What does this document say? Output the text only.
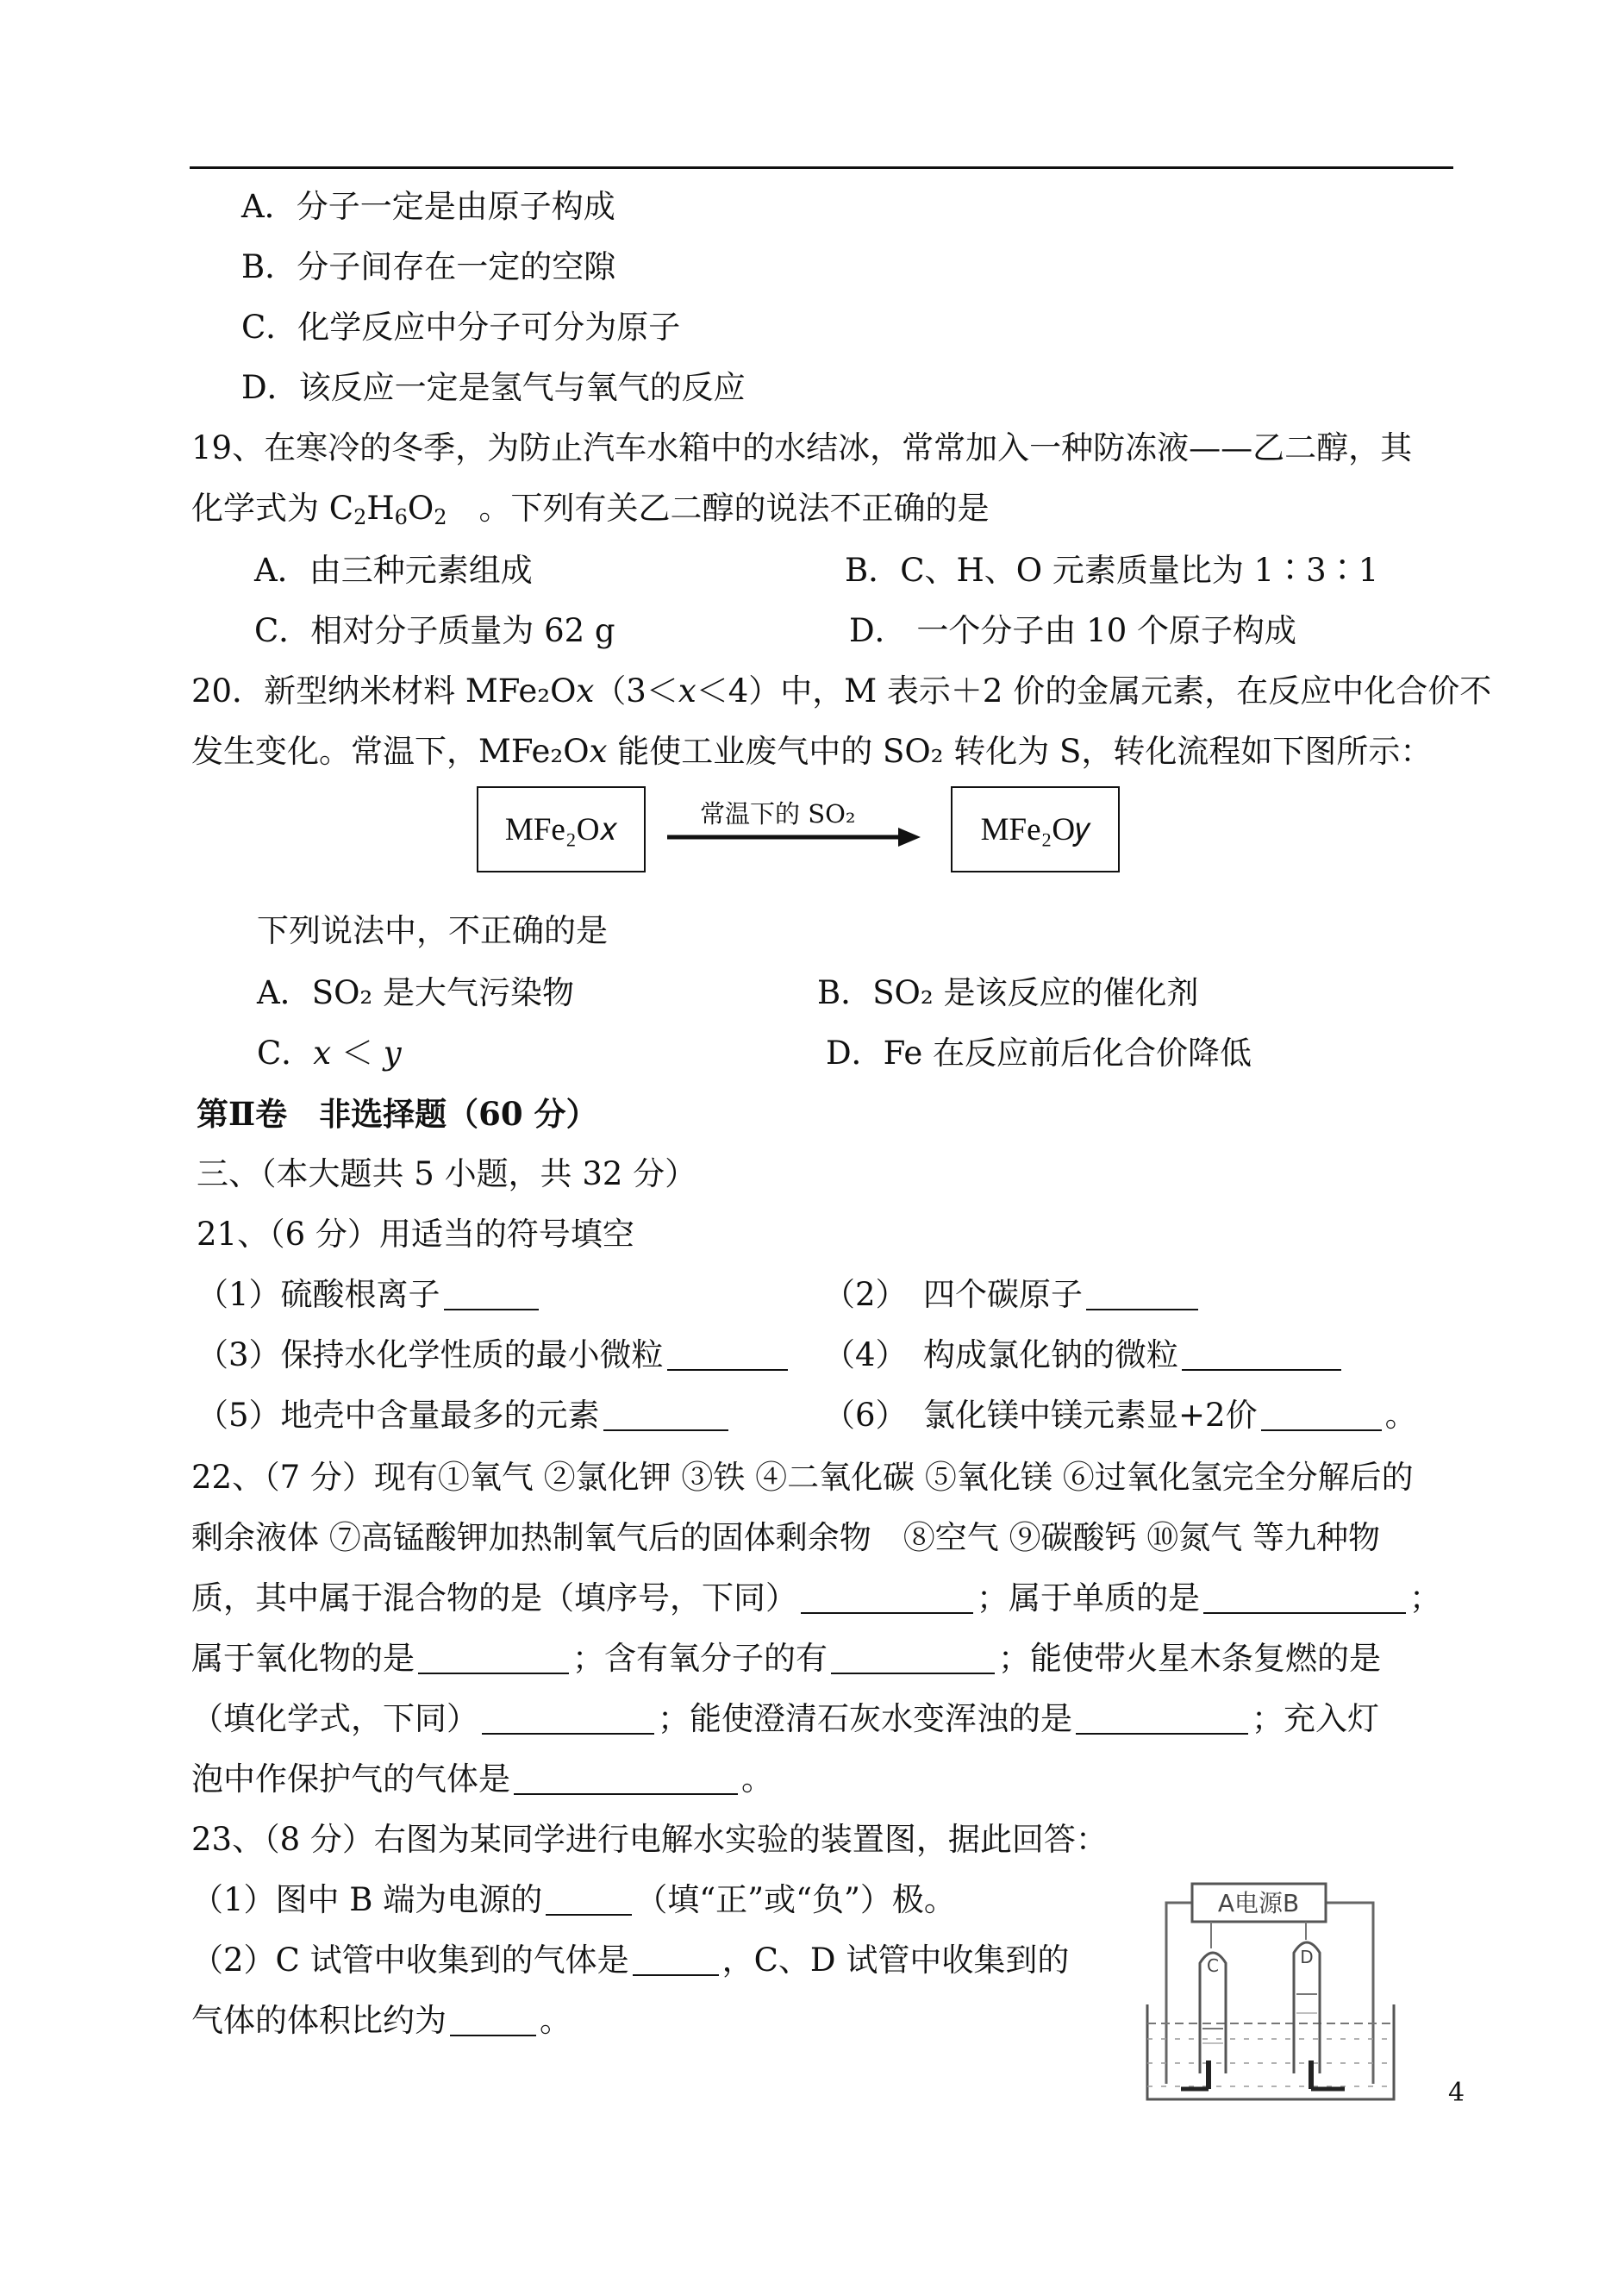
A．分子一定是由原子构成
B．分子间存在一定的空隙
C．化学反应中分子可分为原子
D．该反应一定是氢气与氧气的反应
19、在寒冷的冬季，为防止汽车水箱中的水结冰，常常加入一种防冻液——乙二醇，其
化学式为 $C_2H_6O_2$　 。下列有关乙二醇的说法不正确的是
A．由三种元素组成	B．C、H、O 元素质量比为 1∶3∶1
C．相对分子质量为 62 g	D． 一个分子由 10 个原子构成
20．新型纳米材料 MFe₂O𝑥（3＜𝑥＜4）中，M 表示＋2 价的金属元素，在反应中化合价不
发生变化。常温下，MFe₂O𝑥 能使工业废气中的 SO₂ 转化为 S，转化流程如下图所示：
MFe₂O𝑥	常温下的 SO₂	MFe₂O𝑦
下列说法中，不正确的是
A．SO₂ 是大气污染物	B．SO₂ 是该反应的催化剂
C．𝑥 ＜ 𝑦	D．Fe 在反应前后化合价降低
第Ⅱ卷　非选择题（60 分）
三、（本大题共 5 小题，共 32 分）
21、（6 分）用适当的符号填空
（1）硫酸根离子	（2）　四个碳原子
（3）保持水化学性质的最小微粒	（4）　构成氯化钠的微粒
（5）地壳中含量最多的元素	（6）　氯化镁中镁元素显+2价	。
22、（7 分）现有①氧气 ②氯化钾 ③铁 ④二氧化碳 ⑤氧化镁 ⑥过氧化氢完全分解后的
剩余液体 ⑦高锰酸钾加热制氧气后的固体剩余物　⑧空气 ⑨碳酸钙 ⑩氮气 等九种物
质，其中属于混合物的是（填序号，下同）	；属于单质的是	；
属于氧化物的是	；含有氧分子的有	；能使带火星木条复燃的是
（填化学式，下同）	；能使澄清石灰水变浑浊的是	；充入灯
泡中作保护气的气体是	。
23、（8 分）右图为某同学进行电解水实验的装置图，据此回答：
（1）图中 B 端为电源的	（填“正”或“负”）极。
（2）C 试管中收集到的气体是	，C、D 试管中收集到的
气体的体积比约为	。
A电源B
C	D
4
